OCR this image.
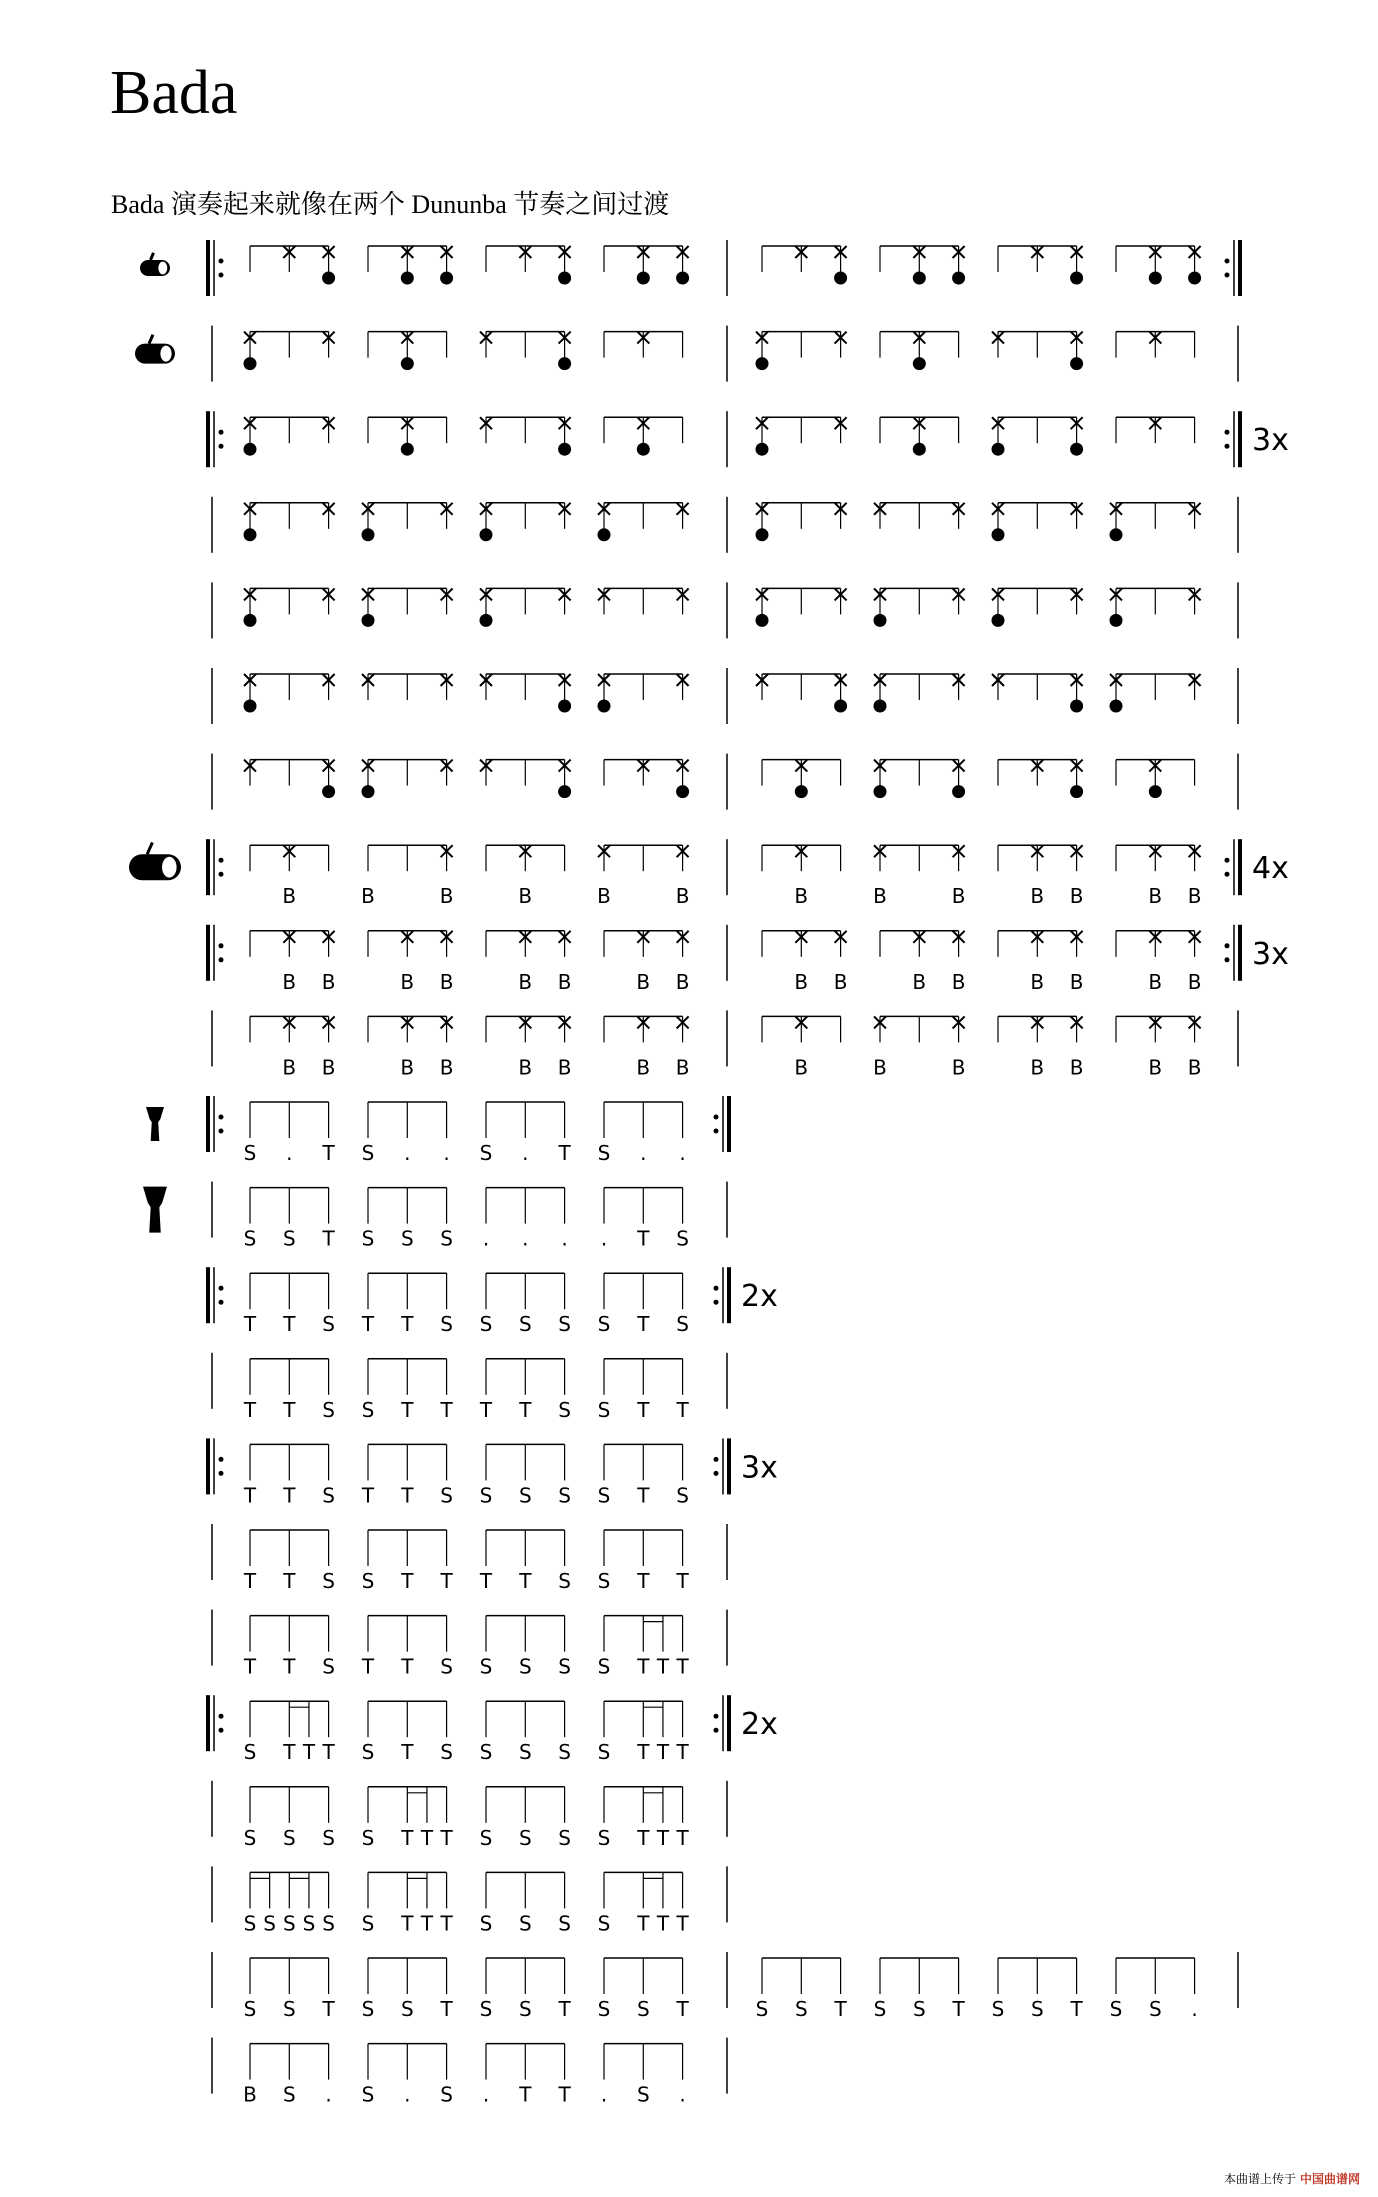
Bada
Bada 演奏起来就像在两个 Dununba 节奏之间过渡
3x
4x
B	B	B	B	B	B	B	B	B	B B	B B
3x
B B	B B	B B	B B	B B	B B	B B	B B
B B	B B	B B	B B	B	B	B	B B	B B
S . T S . . S . T S . .
S S T S S S . . . . T S
2x
T T S T T S S S S S T S
T T S S T T T T S S T T
3x
T T S T T S S S S S T S
T T S S T T T T S S T T
T T S T T S S S S S T T T
2x
S T T T S T S S S S S T T T
S S S S T T T S S S S T T T
S S S S S S T T T S S S S T T T
S S T S S T S S T S S T	S S T S S T S S T S S .
B S . S . S . T T . S .
本曲谱上传于 中国曲谱网
